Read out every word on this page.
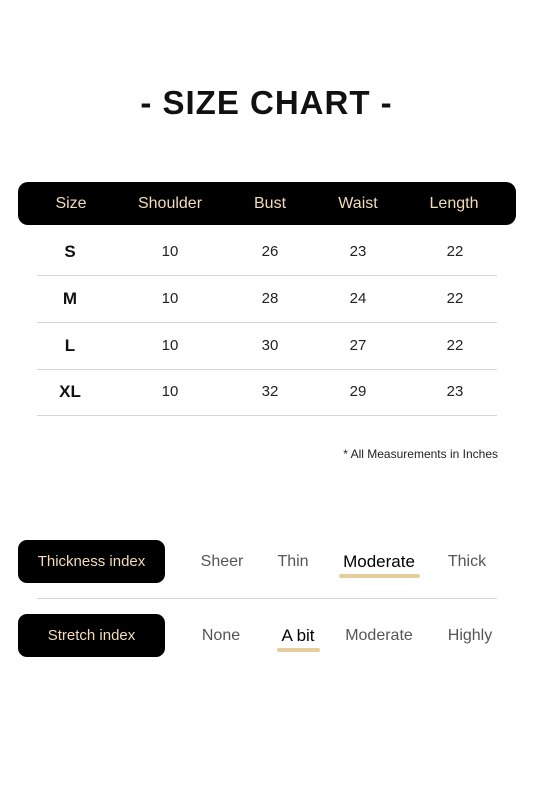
- SIZE CHART -
Size	Shoulder	Bust	Waist	Length
S	10	26	23	22
M	10	28	24	22
L	10	30	27	22
XL	10	32	29	23
* All Measurements in Inches
Thickness index	Sheer Thin Moderate Thick
Stretch index	None A bit Moderate Highly
